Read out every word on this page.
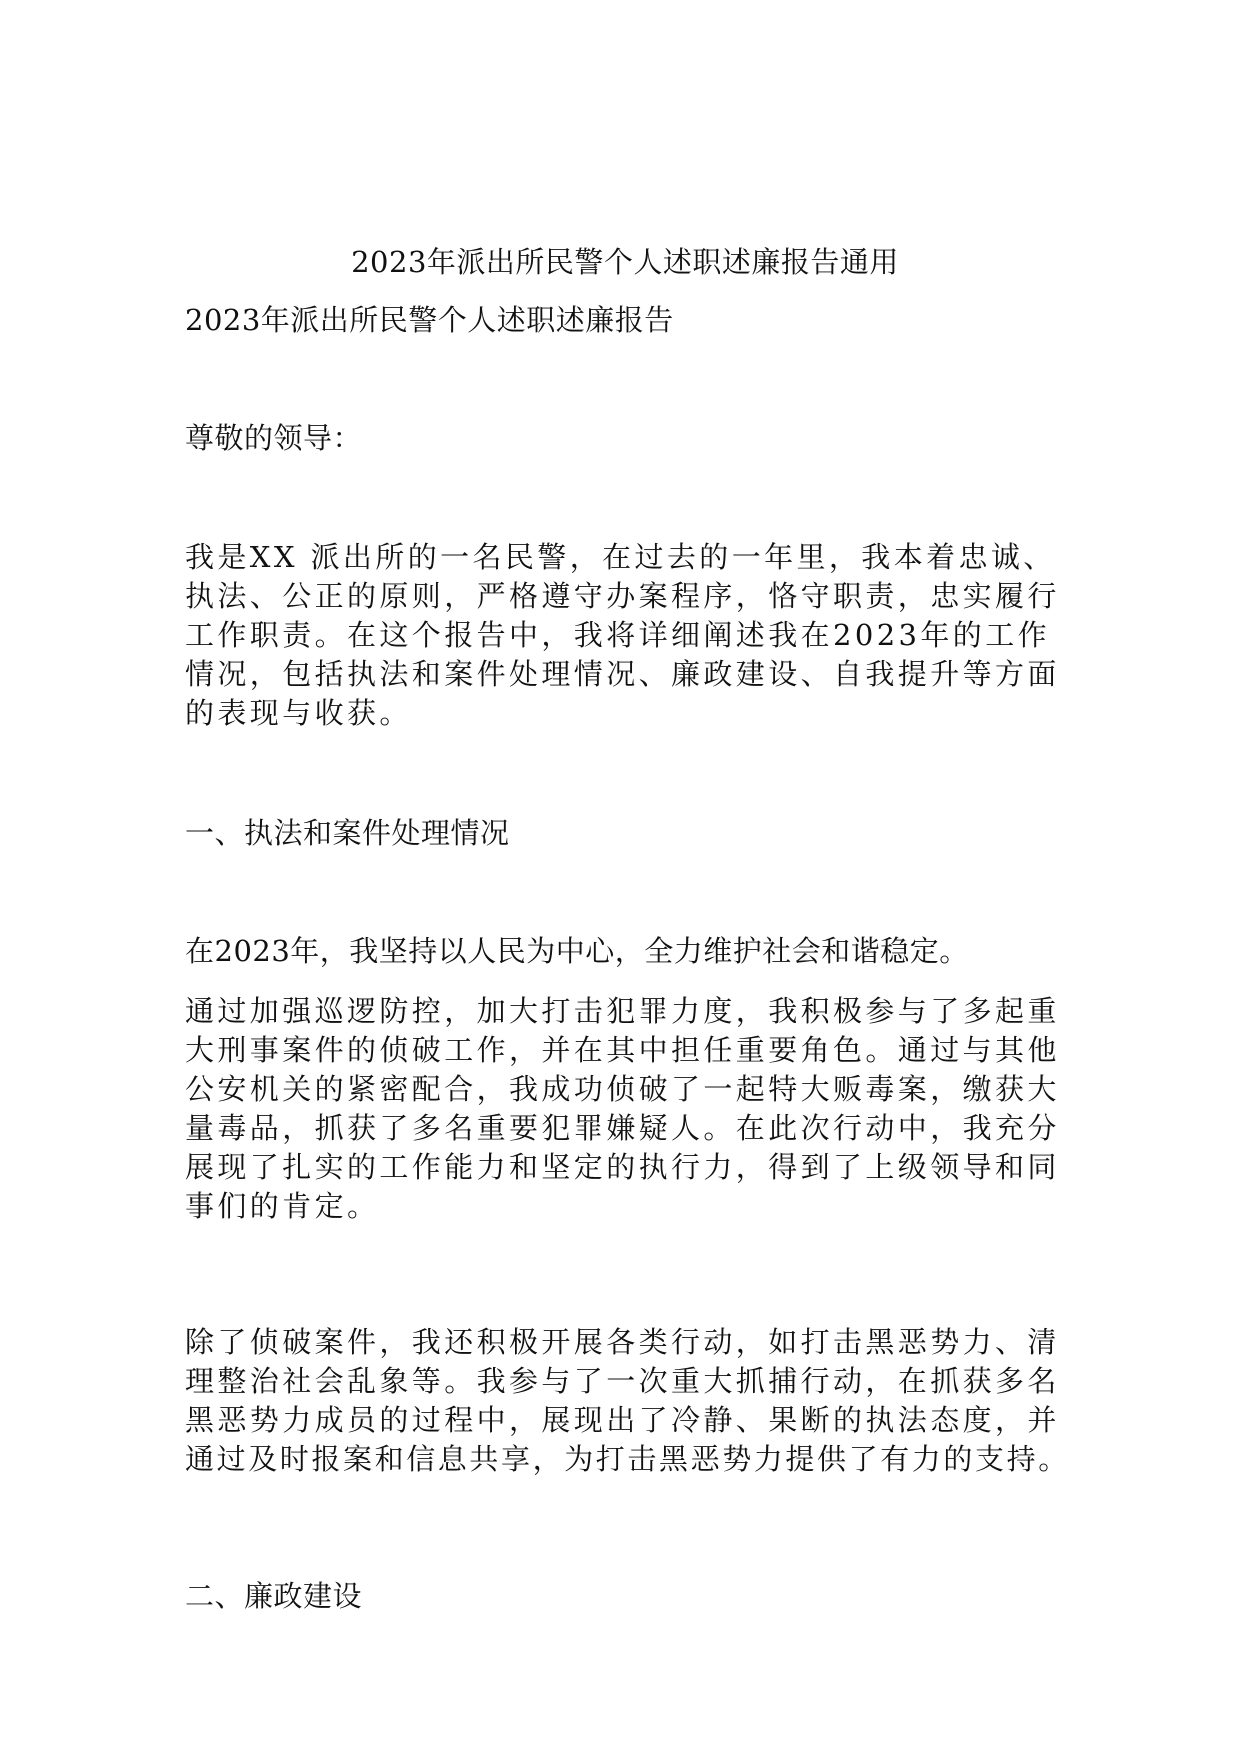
2023年派出所民警个人述职述廉报告通用
2023年派出所民警个人述职述廉报告
尊敬的领导：
我是XX 派出所的一名民警，在过去的一年里，我本着忠诚、
执法、公正的原则，严格遵守办案程序，恪守职责，忠实履行
工作职责。在这个报告中，我将详细阐述我在2023年的工作
情况，包括执法和案件处理情况、廉政建设、自我提升等方面
的表现与收获。
一、执法和案件处理情况
在2023年，我坚持以人民为中心，全力维护社会和谐稳定。
通过加强巡逻防控，加大打击犯罪力度，我积极参与了多起重
大刑事案件的侦破工作，并在其中担任重要角色。通过与其他
公安机关的紧密配合，我成功侦破了一起特大贩毒案，缴获大
量毒品，抓获了多名重要犯罪嫌疑人。在此次行动中，我充分
展现了扎实的工作能力和坚定的执行力，得到了上级领导和同
事们的肯定。
除了侦破案件，我还积极开展各类行动，如打击黑恶势力、清
理整治社会乱象等。我参与了一次重大抓捕行动，在抓获多名
黑恶势力成员的过程中，展现出了冷静、果断的执法态度，并
通过及时报案和信息共享，为打击黑恶势力提供了有力的支持。
二、廉政建设
